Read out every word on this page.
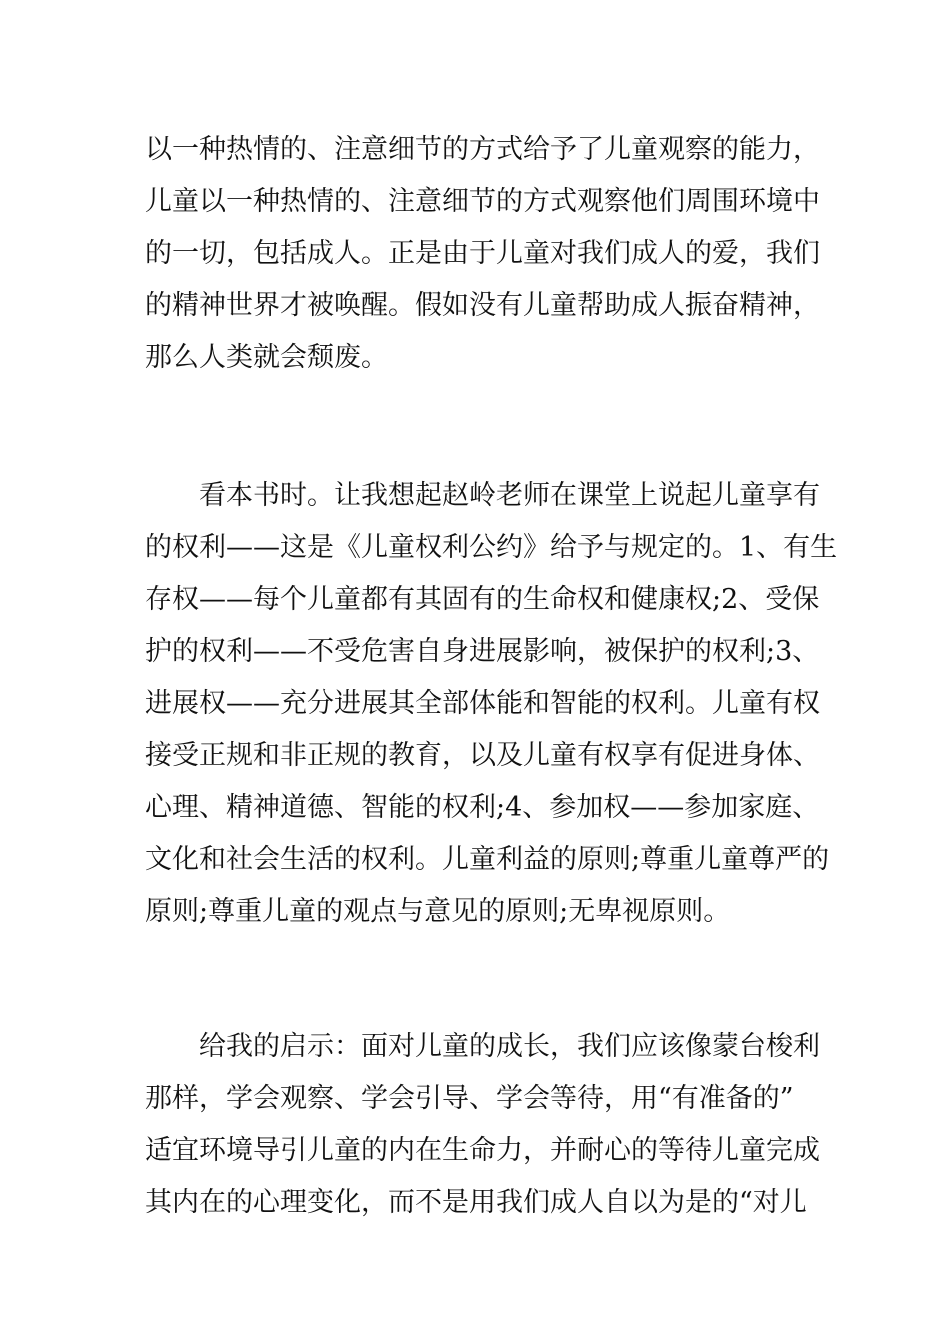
以一种热情的、注意细节的方式给予了儿童观察的能力，
儿童以一种热情的、注意细节的方式观察他们周围环境中
的一切，包括成人。正是由于儿童对我们成人的爱，我们
的精神世界才被唤醒。假如没有儿童帮助成人振奋精神，
那么人类就会颓废。
　　看本书时。让我想起赵岭老师在课堂上说起儿童享有
的权利——这是《儿童权利公约》给予与规定的。1、有生
存权——每个儿童都有其固有的生命权和健康权;2、受保
护的权利——不受危害自身进展影响，被保护的权利;3、
进展权——充分进展其全部体能和智能的权利。儿童有权
接受正规和非正规的教育，以及儿童有权享有促进身体、
心理、精神道德、智能的权利;4、参加权——参加家庭、
文化和社会生活的权利。儿童利益的原则;尊重儿童尊严的
原则;尊重儿童的观点与意见的原则;无卑视原则。
　　给我的启示：面对儿童的成长，我们应该像蒙台梭利
那样，学会观察、学会引导、学会等待，用“有准备的”
适宜环境导引儿童的内在生命力，并耐心的等待儿童完成
其内在的心理变化，而不是用我们成人自以为是的“对儿
